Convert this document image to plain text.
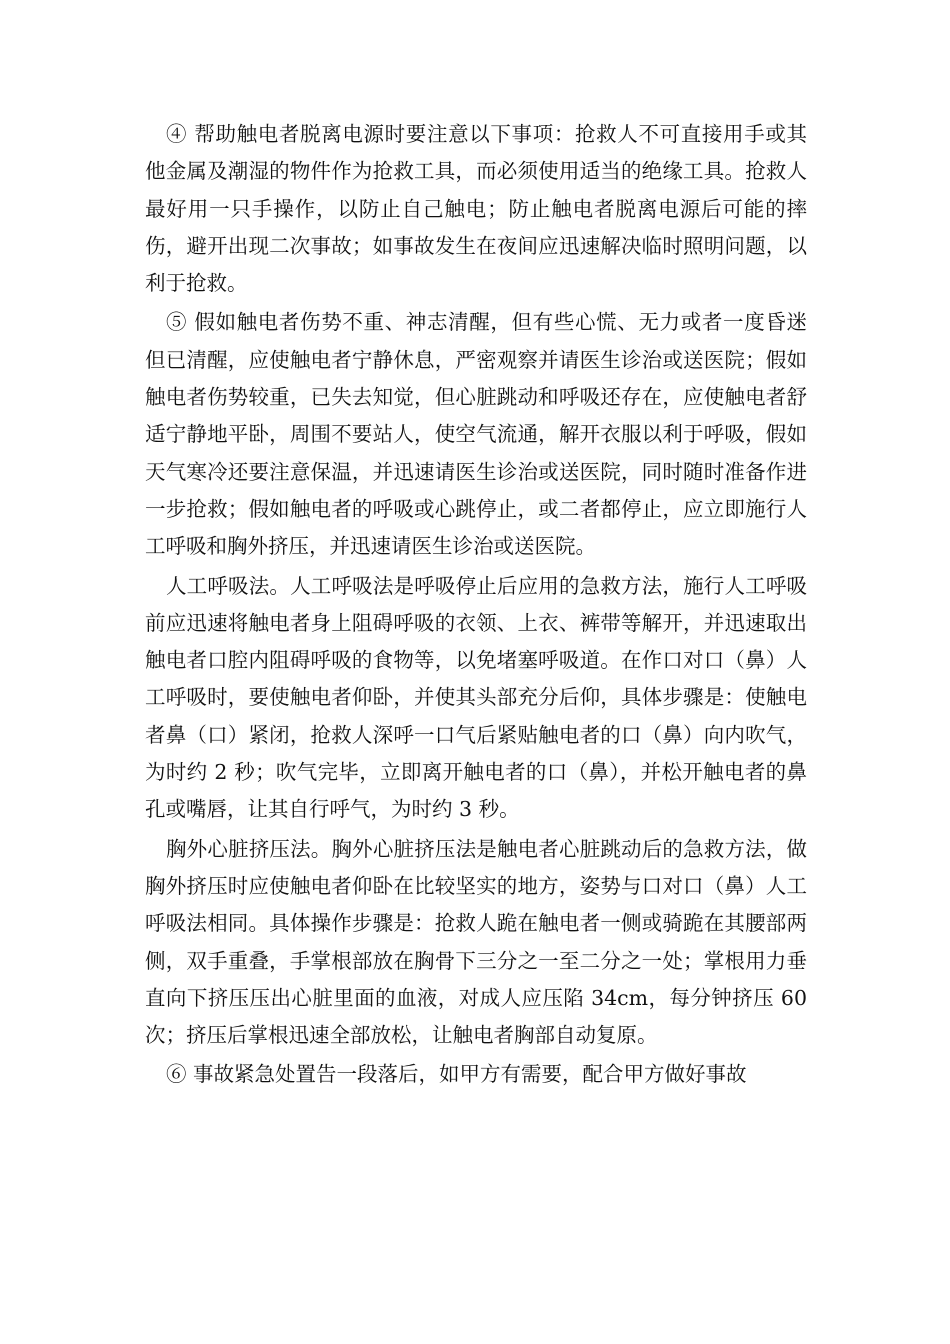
④ 帮助触电者脱离电源时要注意以下事项：抢救人不可直接用手或其他金属及潮湿的物件作为抢救工具，而必须使用适当的绝缘工具。抢救人最好用一只手操作，以防止自己触电；防止触电者脱离电源后可能的摔伤，避开出现二次事故；如事故发生在夜间应迅速解决临时照明问题，以利于抢救。

⑤ 假如触电者伤势不重、神志清醒，但有些心慌、无力或者一度昏迷但已清醒，应使触电者宁静休息，严密观察并请医生诊治或送医院；假如触电者伤势较重，已失去知觉，但心脏跳动和呼吸还存在，应使触电者舒适宁静地平卧，周围不要站人，使空气流通，解开衣服以利于呼吸，假如天气寒冷还要注意保温，并迅速请医生诊治或送医院，同时随时准备作进一步抢救；假如触电者的呼吸或心跳停止，或二者都停止，应立即施行人工呼吸和胸外挤压，并迅速请医生诊治或送医院。

人工呼吸法。人工呼吸法是呼吸停止后应用的急救方法，施行人工呼吸前应迅速将触电者身上阻碍呼吸的衣领、上衣、裤带等解开，并迅速取出触电者口腔内阻碍呼吸的食物等，以免堵塞呼吸道。在作口对口（鼻）人工呼吸时，要使触电者仰卧，并使其头部充分后仰，具体步骤是：使触电者鼻（口）紧闭，抢救人深呼一口气后紧贴触电者的口（鼻）向内吹气，为时约 2 秒；吹气完毕，立即离开触电者的口（鼻），并松开触电者的鼻孔或嘴唇，让其自行呼气，为时约 3 秒。

胸外心脏挤压法。胸外心脏挤压法是触电者心脏跳动后的急救方法，做胸外挤压时应使触电者仰卧在比较坚实的地方，姿势与口对口（鼻）人工呼吸法相同。具体操作步骤是：抢救人跪在触电者一侧或骑跪在其腰部两侧，双手重叠，手掌根部放在胸骨下三分之一至二分之一处；掌根用力垂直向下挤压压出心脏里面的血液，对成人应压陷 34cm，每分钟挤压 60 次；挤压后掌根迅速全部放松，让触电者胸部自动复原。

⑥ 事故紧急处置告一段落后，如甲方有需要，配合甲方做好事故
